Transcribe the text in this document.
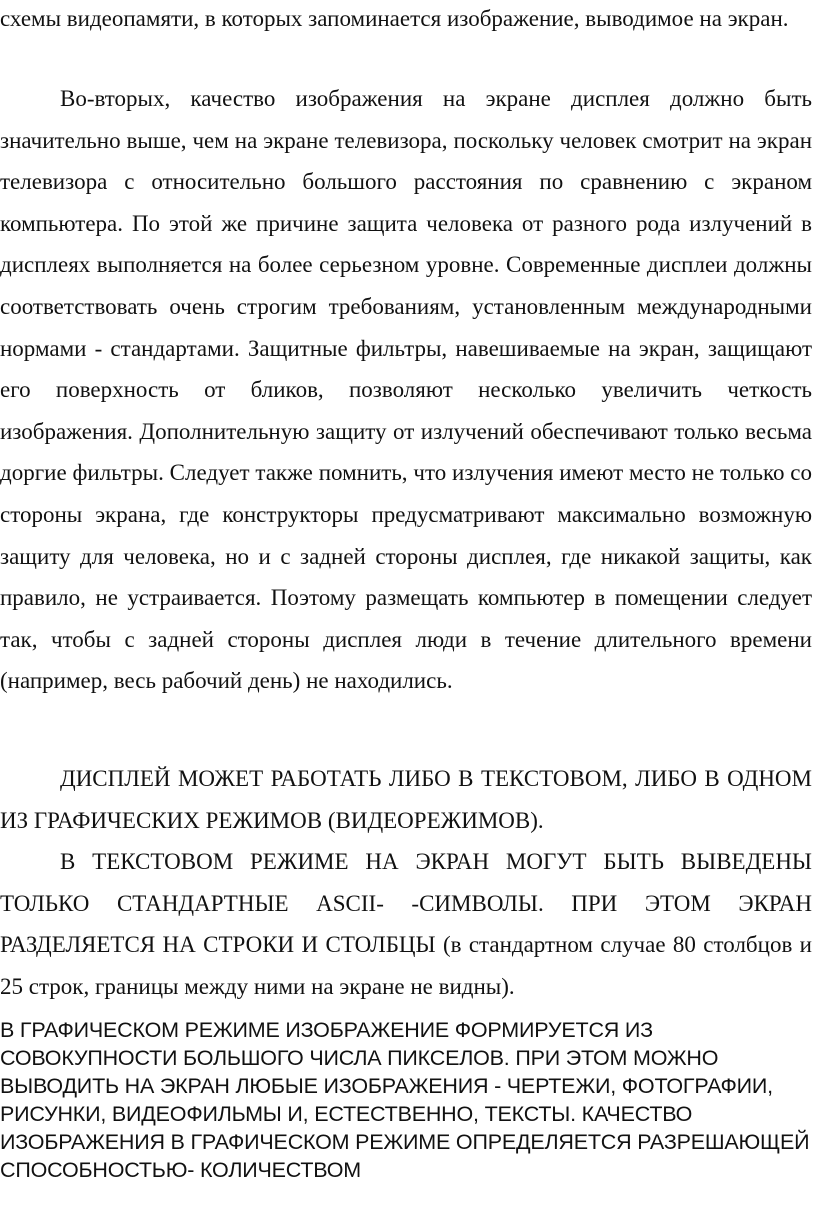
схемы видеопамяти, в которых запоминается изображение, выводимое на экран.

Во-вторых, качество изображения на экране дисплея должно быть значительно выше, чем на экране телевизора, поскольку человек смотрит на экран телевизора с относительно большого расстояния по сравнению с экраном компьютера. По этой же причине защита человека от разного рода излучений в дисплеях выполняется на более серьезном уровне. Современные дисплеи должны соответствовать очень строгим требованиям, установленным международными нормами - стандартами. Защитные фильтры, навешиваемые на экран, защищают его поверхность от бликов, позволяют несколько увеличить четкость изображения. Дополнительную защиту от излучений обеспечивают только весьма доргие фильтры. Следует также помнить, что излучения имеют место не только со стороны экрана, где конструкторы предусматривают максимально возможную защиту для человека, но и с задней стороны дисплея, где никакой защиты, как правило, не устраивается. Поэтому размещать компьютер в помещении следует так, чтобы с задней стороны дисплея люди в течение длительного времени (например, весь рабочий день) не находились.

ДИСПЛЕЙ МОЖЕТ РАБОТАТЬ ЛИБО В ТЕКСТОВОМ, ЛИБО В ОДНОМ ИЗ ГРАФИЧЕСКИХ РЕЖИМОВ (ВИДЕОРЕЖИМОВ).

В ТЕКСТОВОМ РЕЖИМЕ НА ЭКРАН МОГУТ БЫТЬ ВЫВЕДЕНЫ ТОЛЬКО СТАНДАРТНЫЕ ASCII- -СИМВОЛЫ. ПРИ ЭТОМ ЭКРАН РАЗДЕЛЯЕТСЯ НА СТРОКИ И СТОЛБЦЫ (в стандартном случае 80 столбцов и 25 строк, границы между ними на экране не видны).

В ГРАФИЧЕСКОМ РЕЖИМЕ ИЗОБРАЖЕНИЕ ФОРМИРУЕТСЯ ИЗ СОВОКУПНОСТИ БОЛЬШОГО ЧИСЛА ПИКСЕЛОВ. ПРИ ЭТОМ МОЖНО ВЫВОДИТЬ НА ЭКРАН ЛЮБЫЕ ИЗОБРАЖЕНИЯ - ЧЕРТЕЖИ, ФОТОГРАФИИ, РИСУНКИ, ВИДЕОФИЛЬМЫ И, ЕСТЕСТВЕННО, ТЕКСТЫ. КАЧЕСТВО ИЗОБРАЖЕНИЯ В ГРАФИЧЕСКОМ РЕЖИМЕ ОПРЕДЕЛЯЕТСЯ РАЗРЕШАЮЩЕЙ СПОСОБНОСТЬЮ- КОЛИЧЕСТВОМ
